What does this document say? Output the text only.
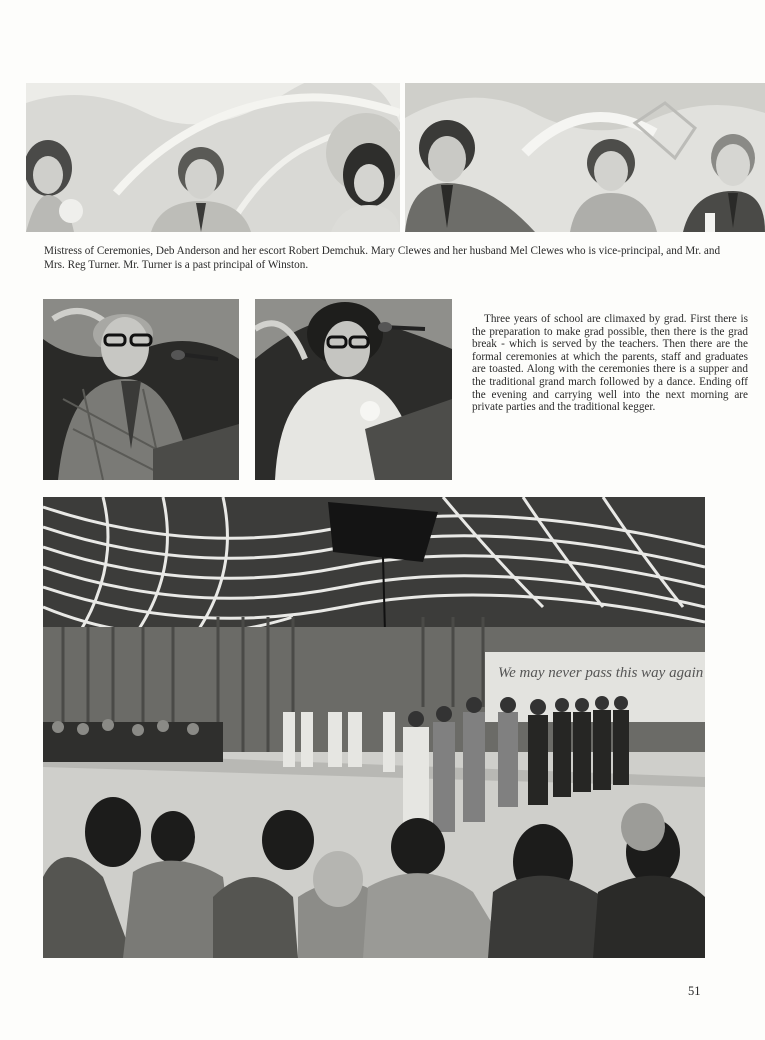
Mistress of Ceremonies, Deb Anderson and her escort Robert Demchuk. Mary Clewes and her husband Mel Clewes who is vice-principal, and Mr. and Mrs. Reg Turner. Mr. Turner is a past principal of Winston.

Three years of school are climaxed by grad. First there is the preparation to make grad possible, then there is the grad break - which is served by the teachers. Then there are the formal ceremonies at which the parents, staff and graduates are toasted. Along with the ceremonies there is a supper and the traditional grand march followed by a dance. Ending off the evening and carrying well into the next morning are private parties and the traditional kegger.

We may never pass this way again

51
